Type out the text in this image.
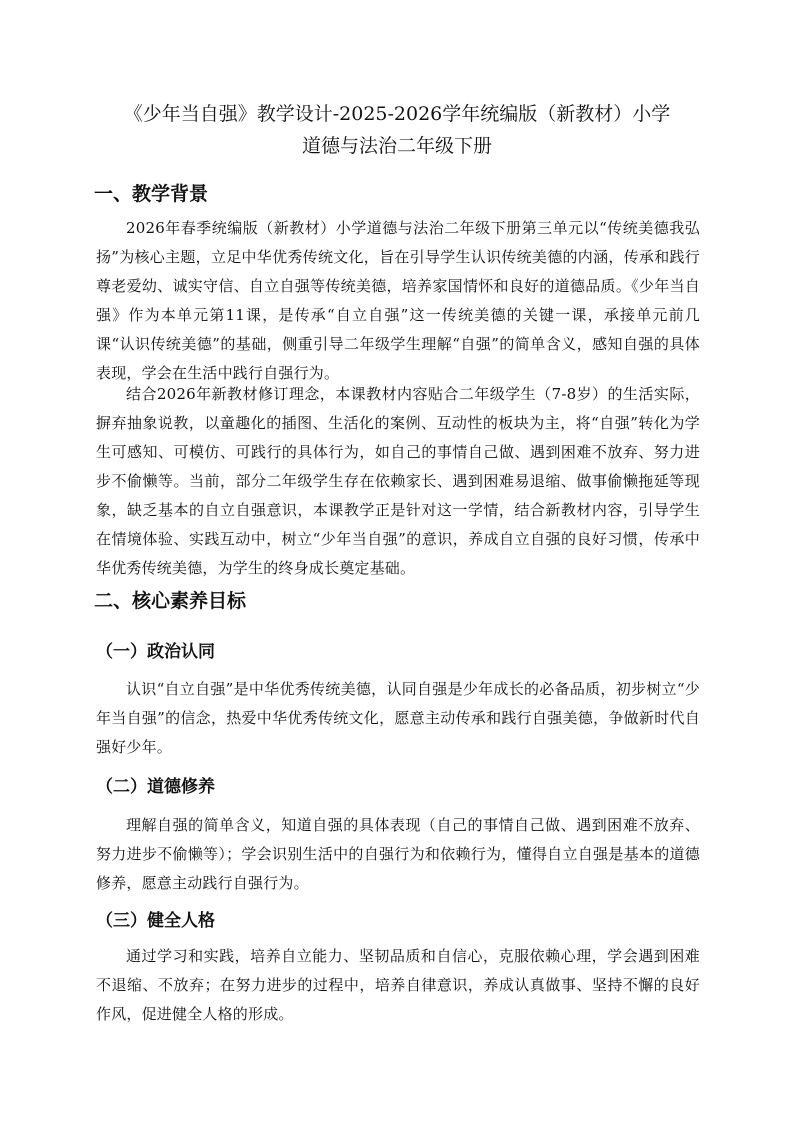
《少年当自强》教学设计-2025-2026学年统编版（新教材）小学
道德与法治二年级下册
一、教学背景

2026年春季统编版（新教材）小学道德与法治二年级下册第三单元以“传统美德我弘扬”为核心主题，立足中华优秀传统文化，旨在引导学生认识传统美德的内涵，传承和践行尊老爱幼、诚实守信、自立自强等传统美德，培养家国情怀和良好的道德品质。《少年当自强》作为本单元第11课，是传承“自立自强”这一传统美德的关键一课，承接单元前几课“认识传统美德”的基础，侧重引导二年级学生理解“自强”的简单含义，感知自强的具体表现，学会在生活中践行自强行为。

结合2026年新教材修订理念，本课教材内容贴合二年级学生（7-8岁）的生活实际，摒弃抽象说教，以童趣化的插图、生活化的案例、互动性的板块为主，将“自强”转化为学生可感知、可模仿、可践行的具体行为，如自己的事情自己做、遇到困难不放弃、努力进步不偷懒等。当前，部分二年级学生存在依赖家长、遇到困难易退缩、做事偷懒拖延等现象，缺乏基本的自立自强意识，本课教学正是针对这一学情，结合新教材内容，引导学生在情境体验、实践互动中，树立“少年当自强”的意识，养成自立自强的良好习惯，传承中华优秀传统美德，为学生的终身成长奠定基础。

二、核心素养目标
（一）政治认同

认识“自立自强”是中华优秀传统美德，认同自强是少年成长的必备品质，初步树立“少年当自强”的信念，热爱中华优秀传统文化，愿意主动传承和践行自强美德，争做新时代自强好少年。

（二）道德修养

理解自强的简单含义，知道自强的具体表现（自己的事情自己做、遇到困难不放弃、努力进步不偷懒等）；学会识别生活中的自强行为和依赖行为，懂得自立自强是基本的道德修养，愿意主动践行自强行为。

（三）健全人格

通过学习和实践，培养自立能力、坚韧品质和自信心，克服依赖心理，学会遇到困难不退缩、不放弃；在努力进步的过程中，培养自律意识，养成认真做事、坚持不懈的良好作风，促进健全人格的形成。
